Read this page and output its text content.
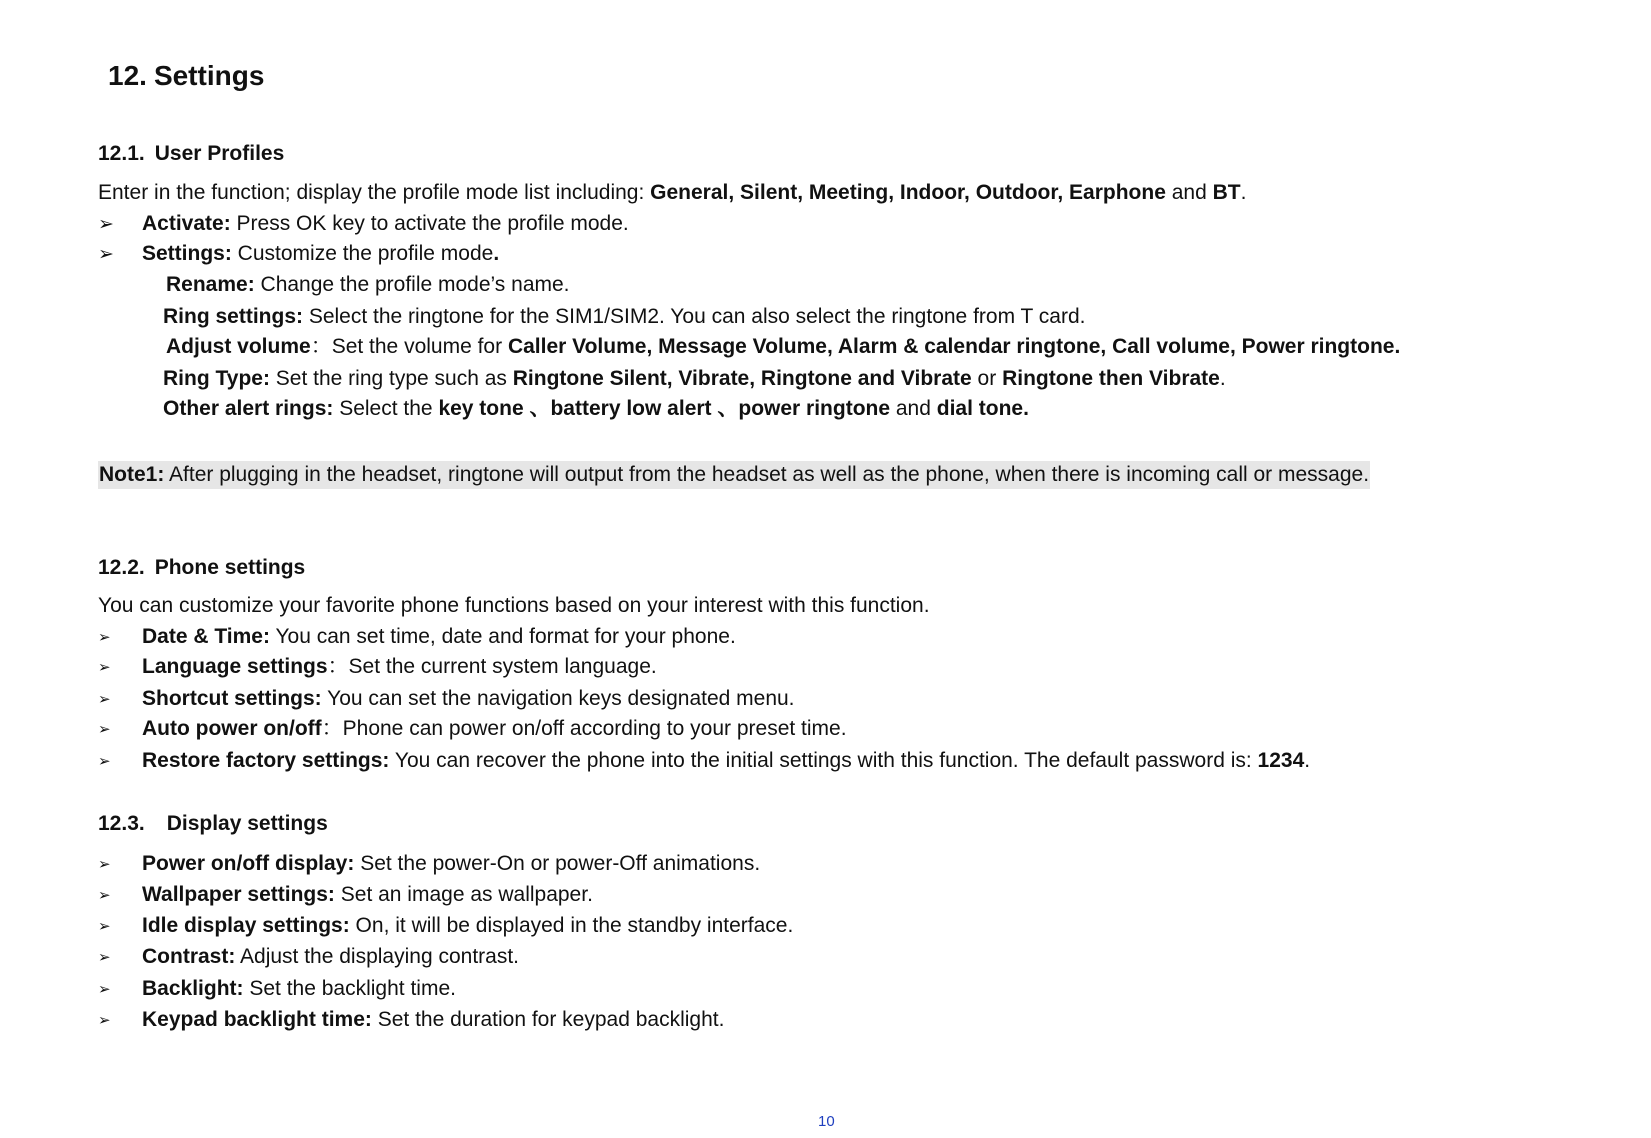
12. Settings
12.1. User Profiles
Enter in the function; display the profile mode list including: General, Silent, Meeting, Indoor, Outdoor, Earphone and BT.
➢ Activate: Press OK key to activate the profile mode.
➢ Settings: Customize the profile mode.
Rename: Change the profile mode’s name.
Ring settings: Select the ringtone for the SIM1/SIM2. You can also select the ringtone from T card.
Adjust volume：Set the volume for Caller Volume, Message Volume, Alarm & calendar ringtone, Call volume, Power ringtone.
Ring Type: Set the ring type such as Ringtone Silent, Vibrate, Ringtone and Vibrate or Ringtone then Vibrate.
Other alert rings: Select the key tone 、battery low alert 、power ringtone and dial tone.
Note1: After plugging in the headset, ringtone will output from the headset as well as the phone, when there is incoming call or message.
12.2. Phone settings
You can customize your favorite phone functions based on your interest with this function.
➢ Date & Time: You can set time, date and format for your phone.
➢ Language settings：Set the current system language.
➢ Shortcut settings: You can set the navigation keys designated menu.
➢ Auto power on/off：Phone can power on/off according to your preset time.
➢ Restore factory settings: You can recover the phone into the initial settings with this function. The default password is: 1234.
12.3. Display settings
➢ Power on/off display: Set the power-On or power-Off animations.
➢ Wallpaper settings: Set an image as wallpaper.
➢ Idle display settings: On, it will be displayed in the standby interface.
➢ Contrast: Adjust the displaying contrast.
➢ Backlight: Set the backlight time.
➢ Keypad backlight time: Set the duration for keypad backlight.
10
